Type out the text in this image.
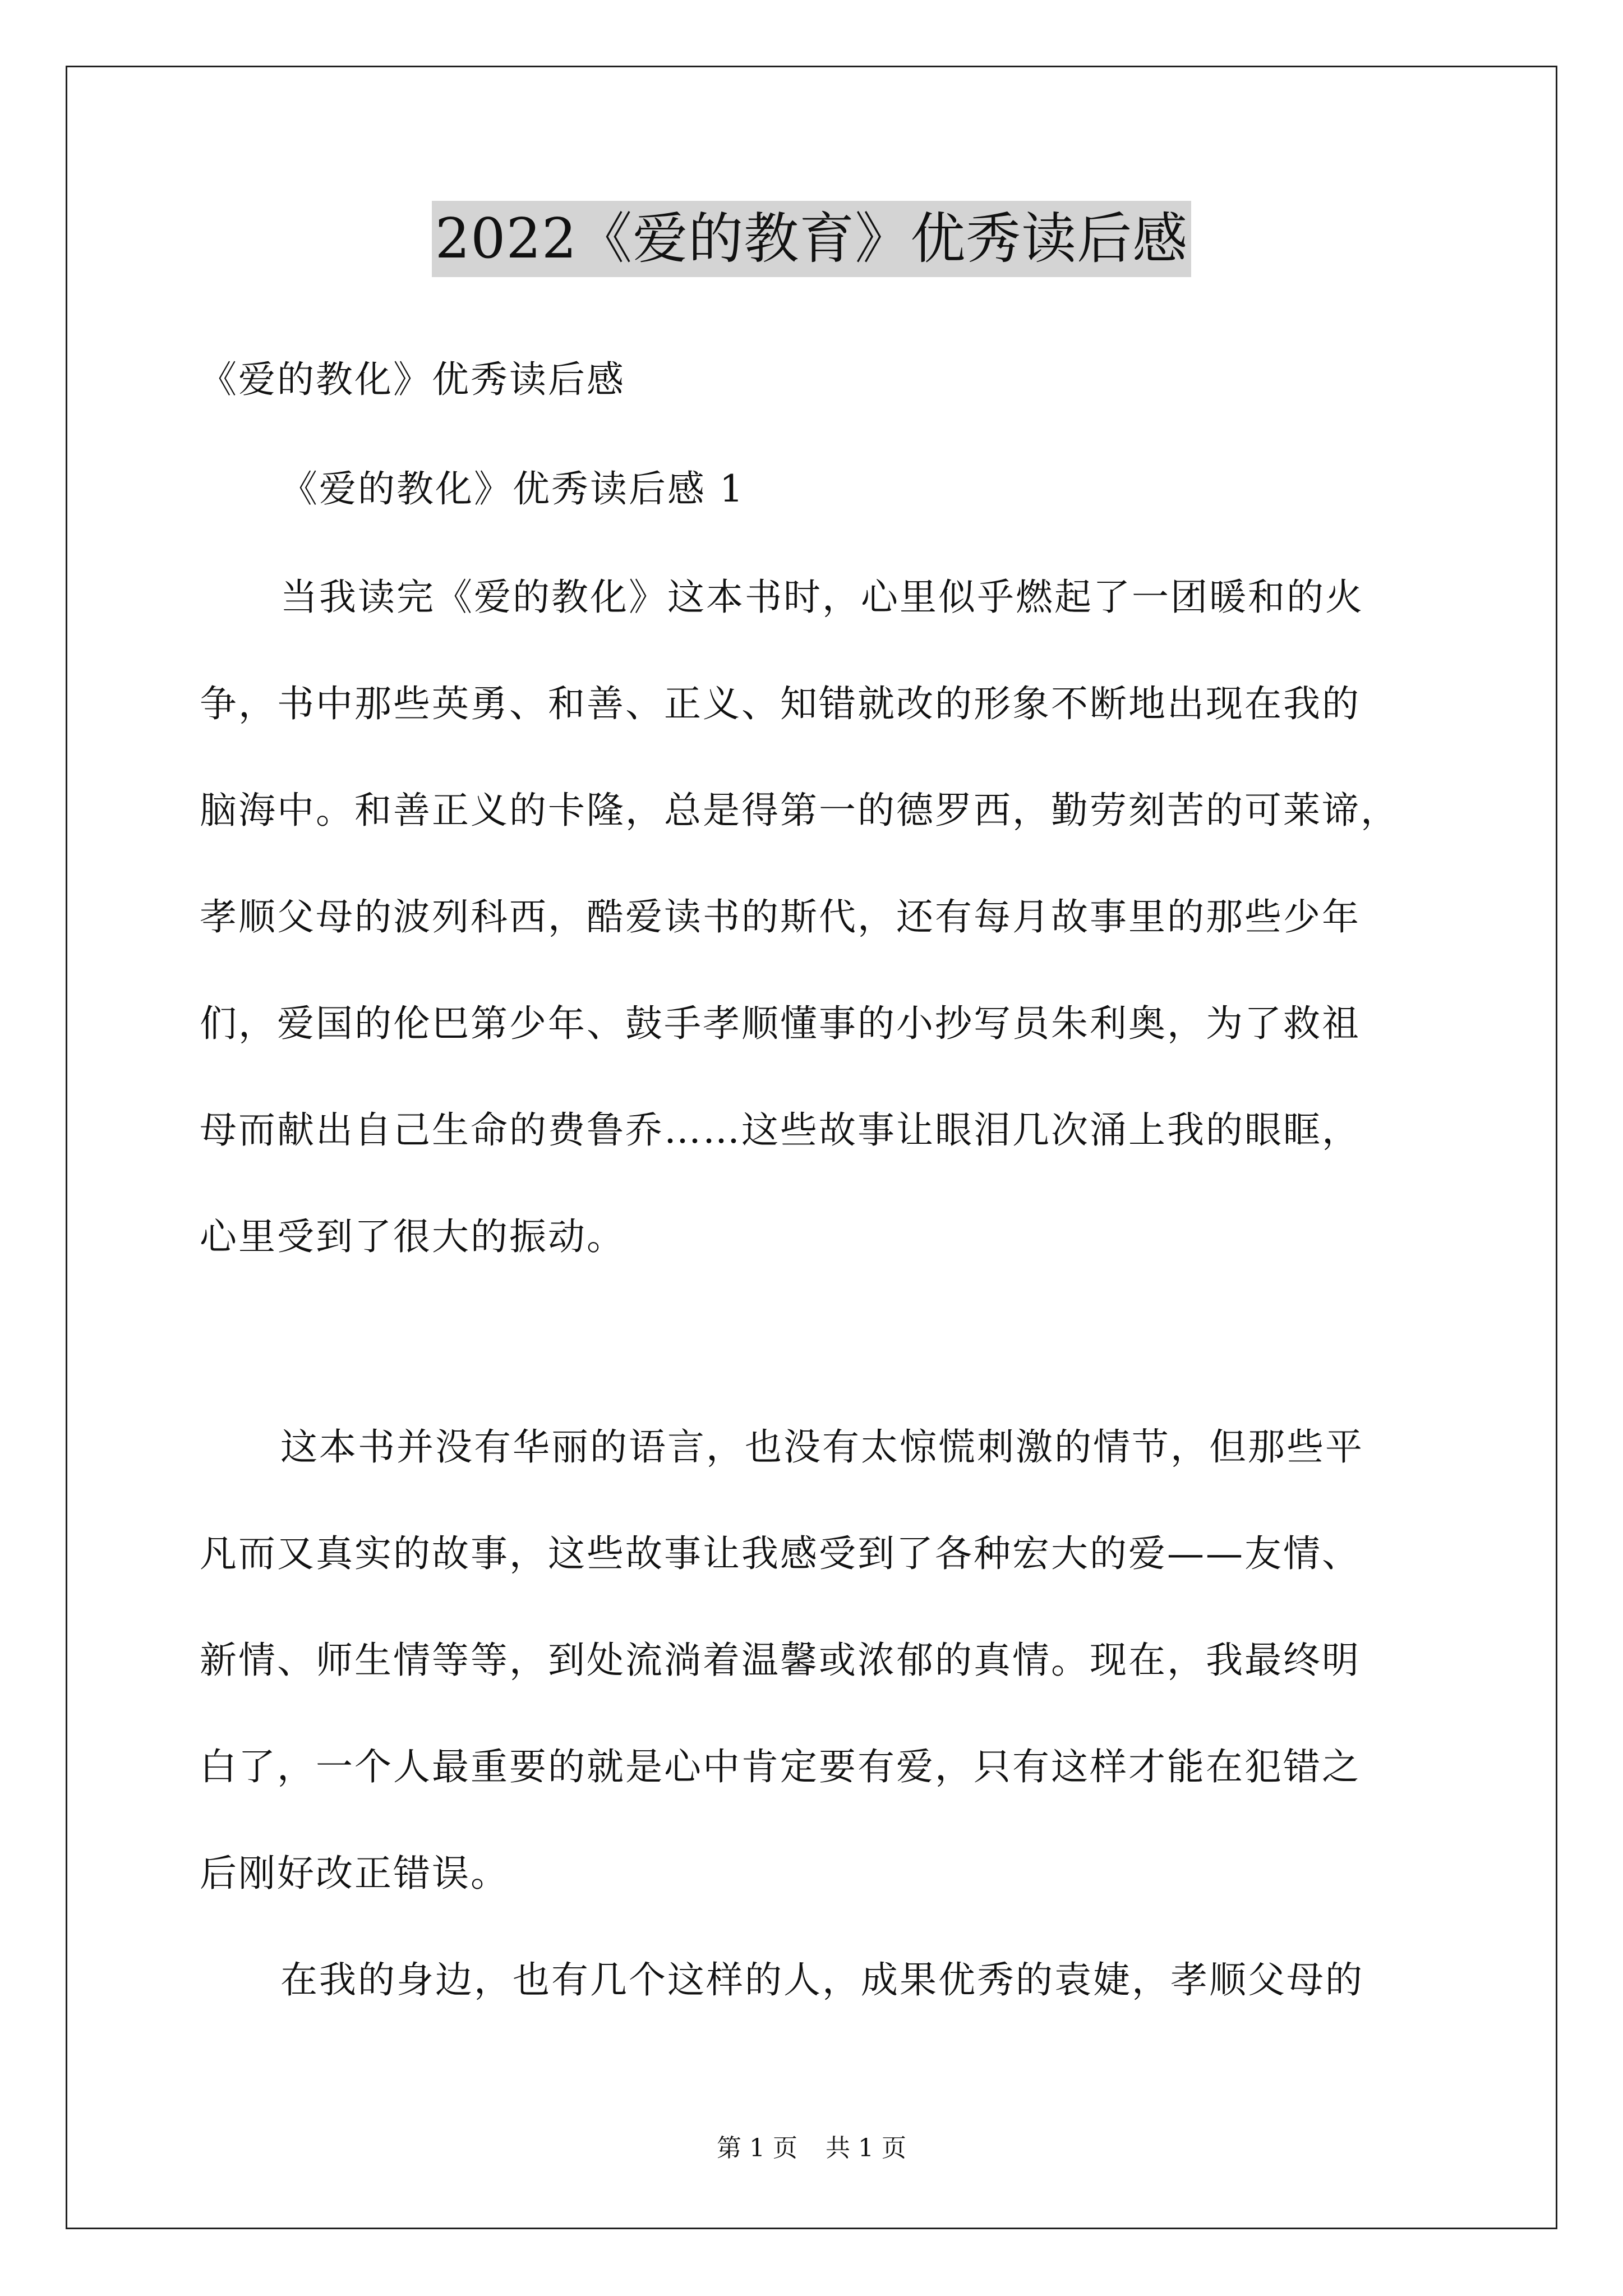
2022《爱的教育》优秀读后感
《爱的教化》优秀读后感
《爱的教化》优秀读后感 1
当我读完《爱的教化》这本书时，心里似乎燃起了一团暖和的火
争，书中那些英勇、和善、正义、知错就改的形象不断地出现在我的
脑海中。和善正义的卡隆，总是得第一的德罗西，勤劳刻苦的可莱谛，
孝顺父母的波列科西，酷爱读书的斯代，还有每月故事里的那些少年
们，爱国的伦巴第少年、鼓手孝顺懂事的小抄写员朱利奥，为了救祖
母而献出自己生命的费鲁乔……这些故事让眼泪几次涌上我的眼眶，
心里受到了很大的振动。
这本书并没有华丽的语言，也没有太惊慌刺激的情节，但那些平
凡而又真实的故事，这些故事让我感受到了各种宏大的爱——友情、
新情、师生情等等，到处流淌着温馨或浓郁的真情。现在，我最终明
白了，一个人最重要的就是心中肯定要有爱，只有这样才能在犯错之
后刚好改正错误。
在我的身边，也有几个这样的人，成果优秀的袁婕，孝顺父母的
第 1 页 共 1 页
